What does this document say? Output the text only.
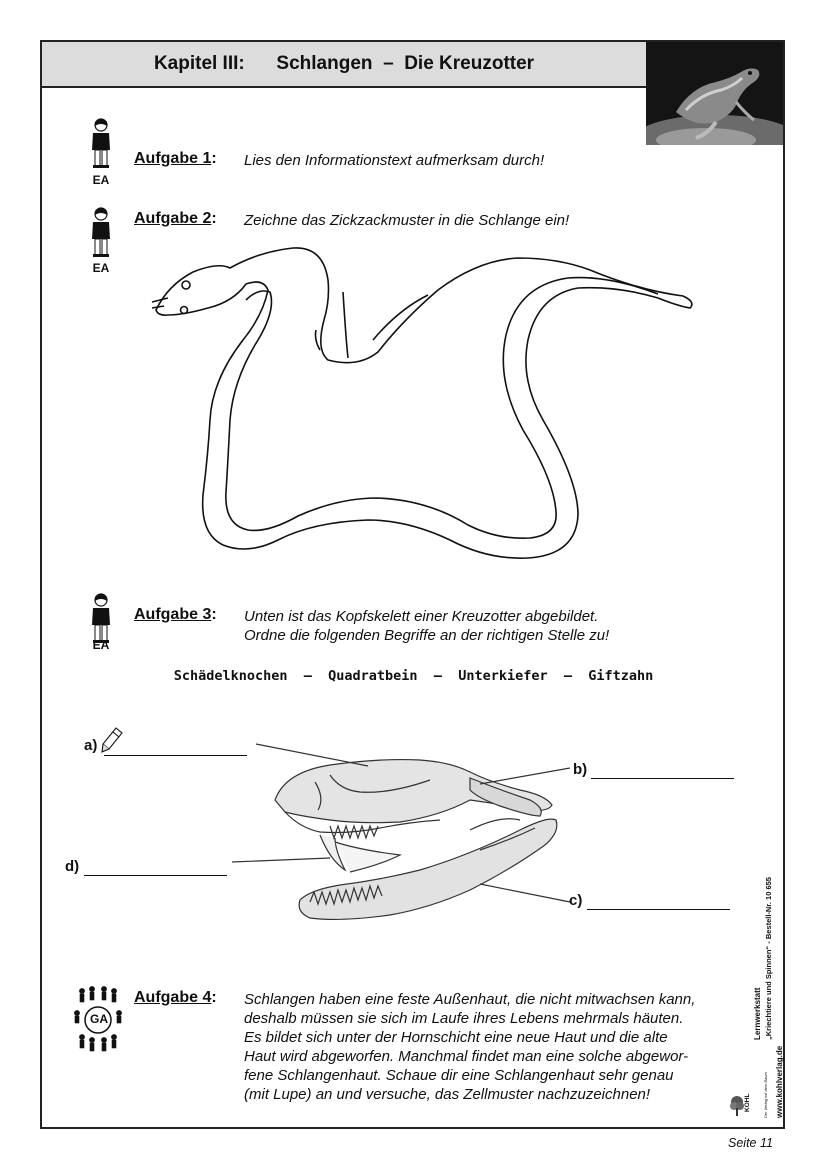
Kapitel III:
Schlangen
–
Die Kreuzotter
EA
Aufgabe 1: Lies den Informationstext aufmerksam durch!
EA
Aufgabe 2: Zeichne das Zickzackmuster in die Schlange ein!
EA
Aufgabe 3: Unten ist das Kopfskelett einer Kreuzotter abgebildet.
Ordne die folgenden Begriffe an der richtigen Stelle zu!
Schädelknochen  –  Quadratbein  –  Unterkiefer  –  Giftzahn
a)
b)
d)
c)
GA
Aufgabe 4: Schlangen haben eine feste Außenhaut, die nicht mitwachsen kann,
deshalb müssen sie sich im Laufe ihres Lebens mehrmals häuten.
Es bildet sich unter der Hornschicht eine neue Haut und die alte
Haut wird abgeworfen. Manchmal findet man eine solche abgewor-
fene Schlangenhaut. Schaue dir eine Schlangenhaut sehr genau
(mit Lupe) an und versuche, das Zellmuster nachzuzeichnen!
Lernwerkstatt „Kriechtiere und Spinnen“ - Bestell-Nr. 10 655
www.kohlverlag.de
KOHL	Der Verlag mit dem Baum
Seite 11
